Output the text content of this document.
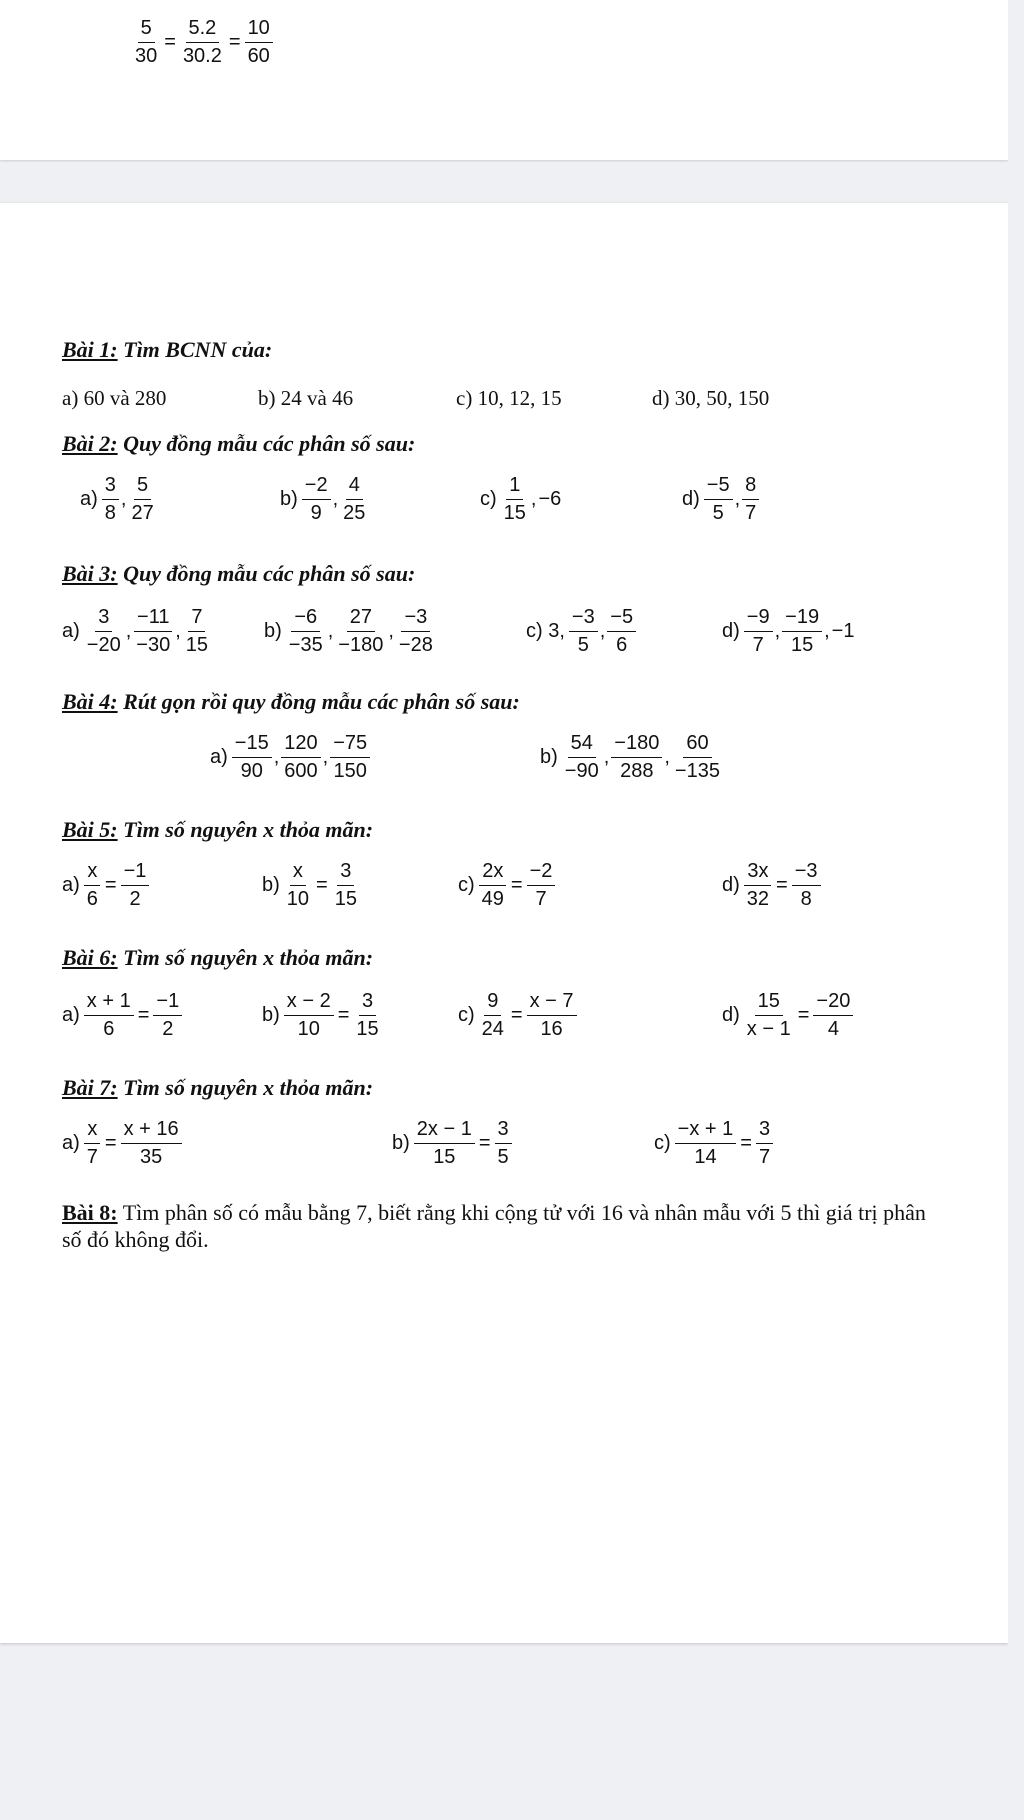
$\frac{5}{30} = \frac{5.2}{30.2} = \frac{10}{60}$
Bài 1: Tìm BCNN của:
a) 60 và 280	b) 24 và 46	c) 10, 12, 15	d) 30, 50, 150
Bài 2: Quy đồng mẫu các phân số sau:
a)
3
8
,
5
27
b)
−2
9
,
4
25
c)
1
15
, −6	d)
−5
5
,
8
7
Bài 3: Quy đồng mẫu các phân số sau:
a)
3
−20
,
−11
−30
,
7
15
b)
−6
−35
,
27
−180
,
−3
−28
c) 3,
−3
5
,
−5
6
d)
−9
7
,
−19
15
, −1
Bài 4: Rút gọn rồi quy đồng mẫu các phân số sau:
a)
−15
90
,
120
600
,
−75
150
b)
54
−90
,
−180
288
,
60
−135
Bài 5: Tìm số nguyên x thỏa mãn:
$a) \frac{x}{6} = \frac{-1}{2}$	$b) \frac{x}{10} = \frac{3}{15}$	$c) \frac{2x}{49} = \frac{-2}{7}$	$d) \frac{3x}{32} = \frac{-3}{8}$
Bài 6: Tìm số nguyên x thỏa mãn:
$a) \frac{x + 1}{6} = \frac{-1}{2}$	$b) \frac{x - 2}{10} = \frac{3}{15}$	$c) \frac{9}{24} = \frac{x - 7}{16}$	$d) \frac{15}{x - 1} = \frac{-20}{4}$
Bài 7: Tìm số nguyên x thỏa mãn:
$a) \frac{x}{7} = \frac{x + 16}{35}$	$b) \frac{2x - 1}{15} = \frac{3}{5}$	$c) \frac{-x + 1}{14} = \frac{3}{7}$
Bài 8: Tìm phân số có mẫu bằng 7, biết rằng khi cộng tử với 16 và nhân mẫu với 5 thì giá trị phân số đó không đổi.
